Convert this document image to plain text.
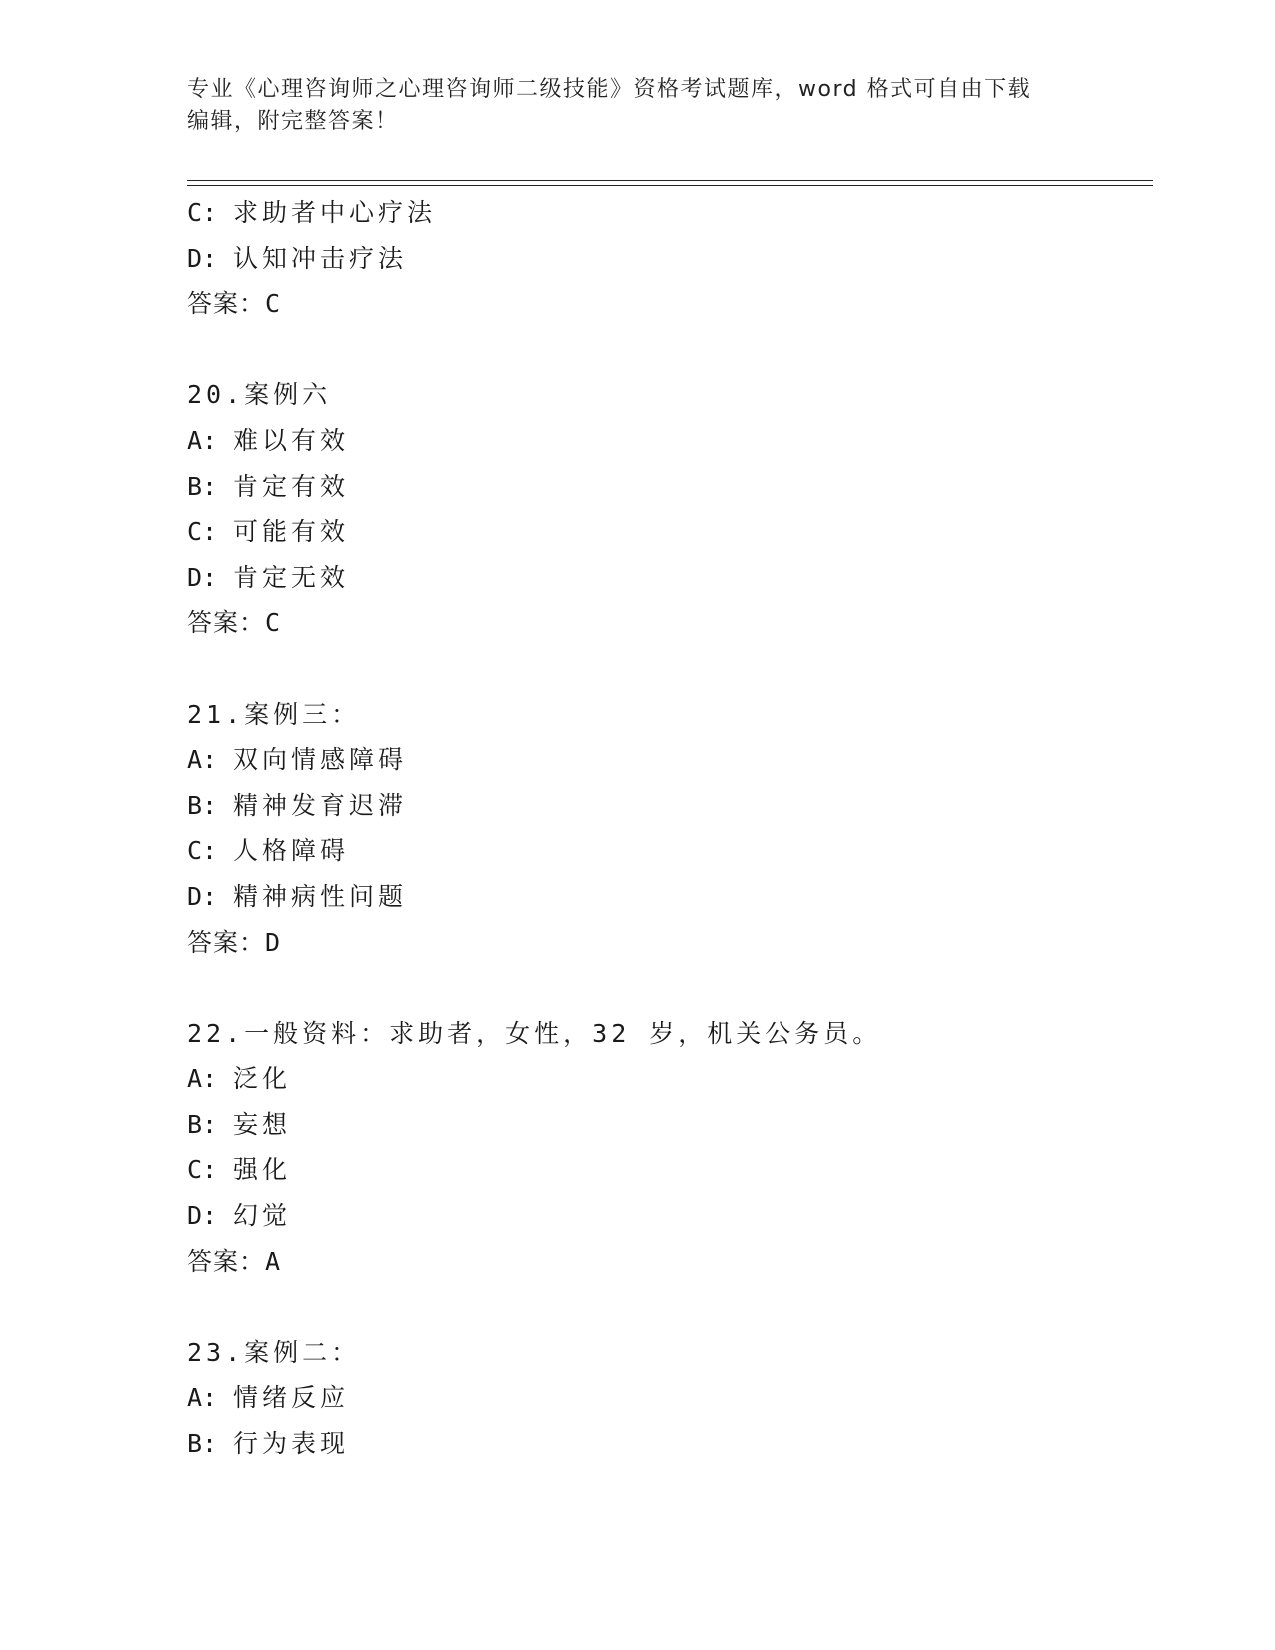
专业《心理咨询师之心理咨询师二级技能》资格考试题库，word 格式可自由下载
编辑，附完整答案！
C: 求助者中心疗法
D: 认知冲击疗法
答案：C
20.案例六
A: 难以有效
B: 肯定有效
C: 可能有效
D: 肯定无效
答案：C
21.案例三：
A: 双向情感障碍
B: 精神发育迟滞
C: 人格障碍
D: 精神病性问题
答案：D
22.一般资料：求助者，女性，32 岁，机关公务员。
A: 泛化
B: 妄想
C: 强化
D: 幻觉
答案：A
23.案例二：
A: 情绪反应
B: 行为表现
